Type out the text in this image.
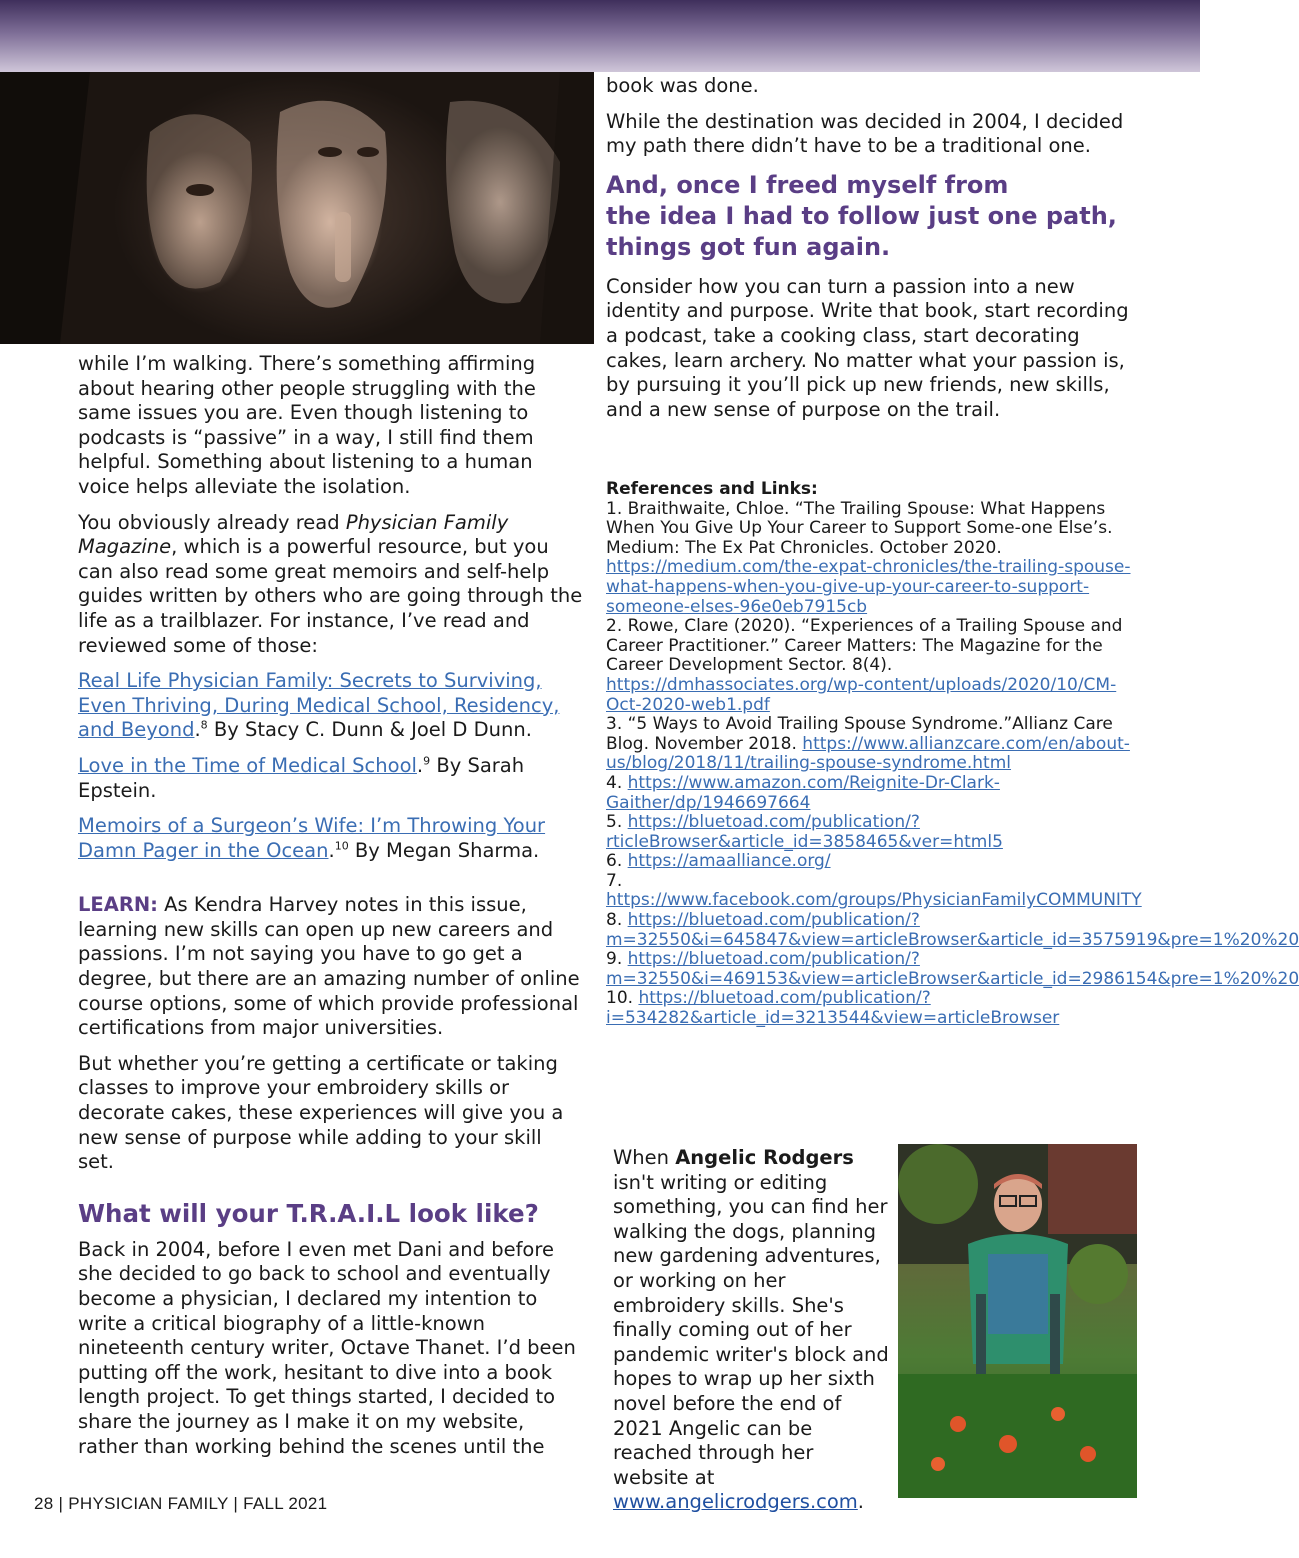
while I’m walking. There’s something affirming about hearing other people struggling with the same issues you are. Even though listening to podcasts is “passive” in a way, I still find them helpful. Something about listening to a human voice helps alleviate the isolation.

You obviously already read Physician Family Magazine, which is a powerful resource, but you can also read some great memoirs and self-help guides written by others who are going through the life as a trailblazer. For instance, I’ve read and reviewed some of those:

Real Life Physician Family: Secrets to Surviving, Even Thriving, During Medical School, Residency, and Beyond.$^8$ By Stacy C. Dunn & Joel D Dunn.

Love in the Time of Medical School.$^9$ By Sarah Epstein.

Memoirs of a Surgeon’s Wife: I’m Throwing Your Damn Pager in the Ocean.$^{10}$ By Megan Sharma.

LEARN: As Kendra Harvey notes in this issue, learning new skills can open up new careers and passions. I’m not saying you have to go get a degree, but there are an amazing number of online course options, some of which provide professional certifications from major universities.

But whether you’re getting a certificate or taking classes to improve your embroidery skills or decorate cakes, these experiences will give you a new sense of purpose while adding to your skill set.

What will your T.R.A.I.L look like?

Back in 2004, before I even met Dani and before she decided to go back to school and eventually become a physician, I declared my intention to write a critical biography of a little-known nineteenth century writer, Octave Thanet. I’d been putting off the work, hesitant to dive into a book length project. To get things started, I decided to share the journey as I make it on my website, rather than working behind the scenes until the

book was done.

While the destination was decided in 2004, I decided my path there didn’t have to be a traditional one.

And, once I freed myself from
the idea I had to follow just one path,
things got fun again.

Consider how you can turn a passion into a new identity and purpose. Write that book, start recording a podcast, take a cooking class, start decorating cakes, learn archery. No matter what your passion is, by pursuing it you’ll pick up new friends, new skills, and a new sense of purpose on the trail.

References and Links:
1. Braithwaite, Chloe. “The Trailing Spouse: What Happens When You Give Up Your Career to Support Some-one Else’s. Medium: The Ex Pat Chronicles. October 2020. https://medium.com/the-expat-chronicles/the-trailing-spouse-what-happens-when-you-give-up-your-career-to-support-someone-elses-96e0eb7915cb
2. Rowe, Clare (2020). “Experiences of a Trailing Spouse and Career Practitioner.” Career Matters: The Magazine for the Career Development Sector. 8(4). https://dmhassociates.org/wp-content/uploads/2020/10/CM-Oct-2020-web1.pdf
3. “5 Ways to Avoid Trailing Spouse Syndrome.”Allianz Care Blog. November 2018. https://www.allianzcare.com/en/about-us/blog/2018/11/trailing-spouse-syndrome.html
4. https://www.amazon.com/Reignite-Dr-Clark-Gaither/dp/1946697664
5. https://bluetoad.com/publication/?rticleBrowser&article_id=3858465&ver=html5
6. https://amaalliance.org/
7. https://www.facebook.com/groups/PhysicianFamilyCOMMUNITY
8. https://bluetoad.com/publication/?m=32550&i=645847&view=articleBrowser&article_id=3575919&pre=1%20%20
9. https://bluetoad.com/publication/?m=32550&i=469153&view=articleBrowser&article_id=2986154&pre=1%20%20
10. https://bluetoad.com/publication/?i=534282&article_id=3213544&view=articleBrowser
When Angelic Rodgers isn't writing or editing something, you can find her walking the dogs, planning new gardening adventures, or working on her embroidery skills. She's finally coming out of her pandemic writer's block and hopes to wrap up her sixth novel before the end of 2021 Angelic can be reached through her website at www.angelicrodgers.com.
28 | PHYSICIAN FAMILY | FALL 2021
